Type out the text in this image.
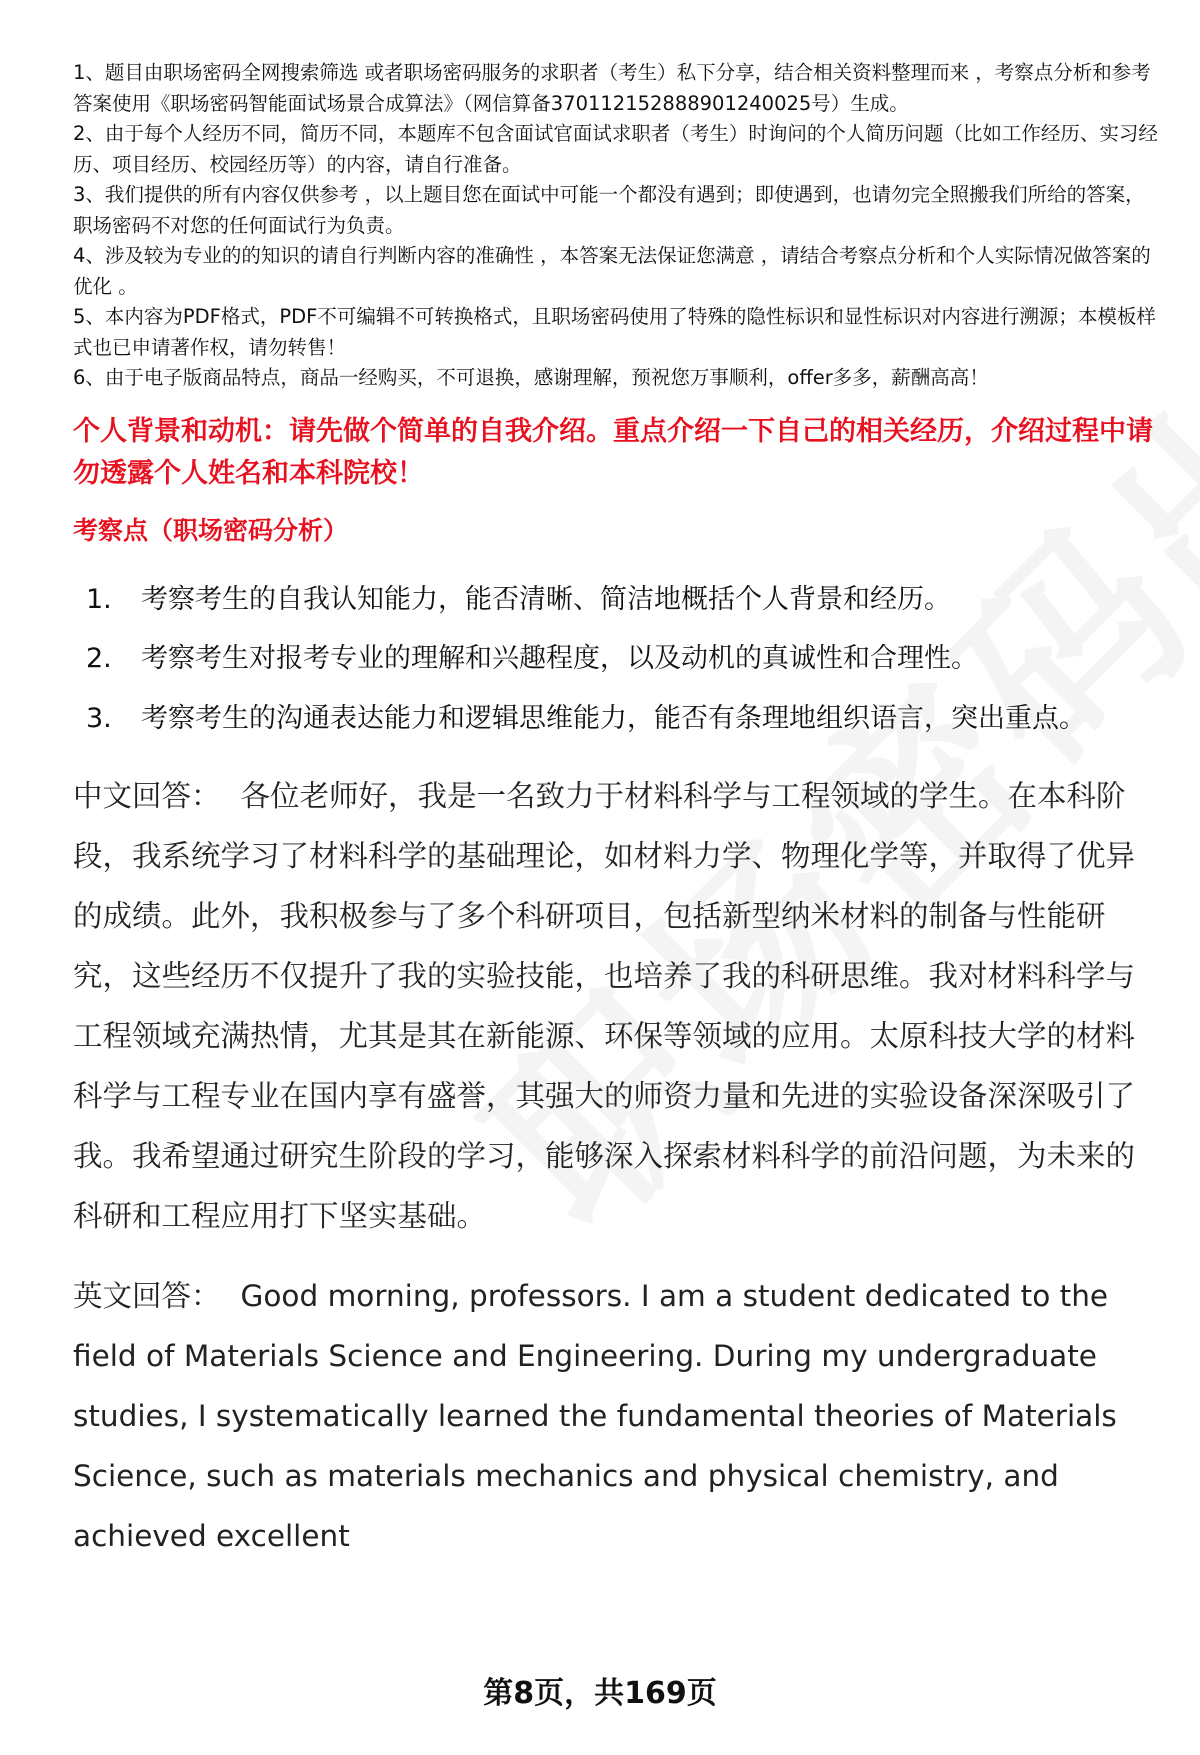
1、题目由职场密码全网搜索筛选 或者职场密码服务的求职者（考生）私下分享，结合相关资料整理而来 ，考察点分析和参考答案使用《职场密码智能面试场景合成算法》（网信算备370112152888901240025号）生成。

2、由于每个人经历不同，简历不同，本题库不包含面试官面试求职者（考生）时询问的个人简历问题（比如工作经历、实习经历、项目经历、校园经历等）的内容，请自行准备。

3、我们提供的所有内容仅供参考 ，以上题目您在面试中可能一个都没有遇到；即使遇到，也请勿完全照搬我们所给的答案，职场密码不对您的任何面试行为负责。

4、涉及较为专业的的知识的请自行判断内容的准确性 ，本答案无法保证您满意 ，请结合考察点分析和个人实际情况做答案的优化 。

5、本内容为PDF格式，PDF不可编辑不可转换格式，且职场密码使用了特殊的隐性标识和显性标识对内容进行溯源；本模板样式也已申请著作权，请勿转售！

6、由于电子版商品特点，商品一经购买，不可退换，感谢理解，预祝您万事顺利，offer多多，薪酬高高！

个人背景和动机：请先做个简单的自我介绍。重点介绍一下自己的相关经历，介绍过程中请勿透露个人姓名和本科院校！
考察点（职场密码分析）
1.	考察考生的自我认知能力，能否清晰、简洁地概括个人背景和经历。
2.	考察考生对报考专业的理解和兴趣程度，以及动机的真诚性和合理性。
3.	考察考生的沟通表达能力和逻辑思维能力，能否有条理地组织语言，突出重点。
中文回答： 各位老师好，我是一名致力于材料科学与工程领域的学生。在本科阶段，我系统学习了材料科学的基础理论，如材料力学、物理化学等，并取得了优异的成绩。此外，我积极参与了多个科研项目，包括新型纳米材料的制备与性能研究，这些经历不仅提升了我的实验技能，也培养了我的科研思维。我对材料科学与工程领域充满热情，尤其是其在新能源、环保等领域的应用。太原科技大学的材料科学与工程专业在国内享有盛誉，其强大的师资力量和先进的实验设备深深吸引了我。我希望通过研究生阶段的学习，能够深入探索材料科学的前沿问题，为未来的科研和工程应用打下坚实基础。
英文回答： Good morning, professors. I am a student dedicated to the field of Materials Science and Engineering. During my undergraduate studies, I systematically learned the fundamental theories of Materials Science, such as materials mechanics and physical chemistry, and achieved excellent
第8页，共169页
